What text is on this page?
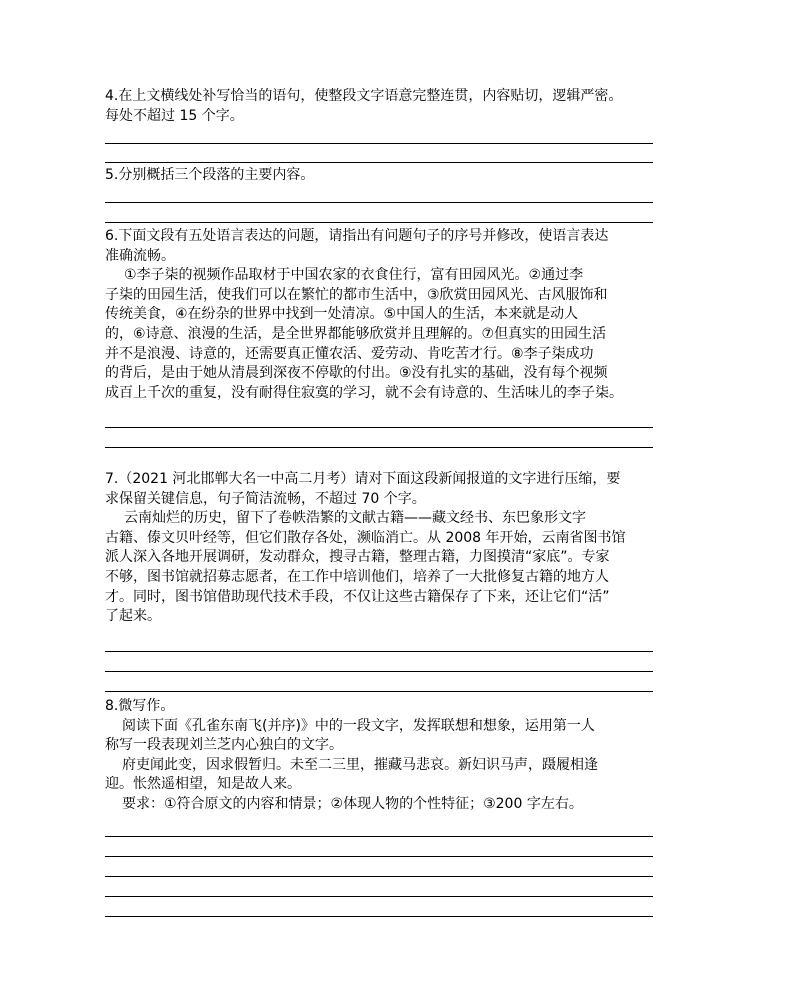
4.在上文横线处补写恰当的语句，使整段文字语意完整连贯，内容贴切，逻辑严密。

每处不超过 15 个字。

5.分别概括三个段落的主要内容。

6.下面文段有五处语言表达的问题，请指出有问题句子的序号并修改，使语言表达

准确流畅。

①李子柒的视频作品取材于中国农家的衣食住行，富有田园风光。②通过李

子柒的田园生活，使我们可以在繁忙的都市生活中，③欣赏田园风光、古风服饰和

传统美食，④在纷杂的世界中找到一处清凉。⑤中国人的生活，本来就是动人

的，⑥诗意、浪漫的生活，是全世界都能够欣赏并且理解的。⑦但真实的田园生活

并不是浪漫、诗意的，还需要真正懂农活、爱劳动、肯吃苦才行。⑧李子柒成功

的背后，是由于她从清晨到深夜不停歇的付出。⑨没有扎实的基础，没有每个视频

成百上千次的重复，没有耐得住寂寞的学习，就不会有诗意的、生活味儿的李子柒。

7.（2021 河北邯郸大名一中高二月考）请对下面这段新闻报道的文字进行压缩，要

求保留关键信息，句子简洁流畅，不超过 70 个字。

云南灿烂的历史，留下了卷帙浩繁的文献古籍——藏文经书、东巴象形文字

古籍、傣文贝叶经等，但它们散存各处，濒临消亡。从 2008 年开始，云南省图书馆

派人深入各地开展调研，发动群众，搜寻古籍，整理古籍，力图摸清“家底”。专家

不够，图书馆就招募志愿者，在工作中培训他们，培养了一大批修复古籍的地方人

才。同时，图书馆借助现代技术手段，不仅让这些古籍保存了下来，还让它们“活”

了起来。

8.微写作。

阅读下面《孔雀东南飞(并序)》中的一段文字，发挥联想和想象，运用第一人

称写一段表现刘兰芝内心独白的文字。

府吏闻此变，因求假暂归。未至二三里，摧藏马悲哀。新妇识马声，蹑履相逢

迎。怅然遥相望，知是故人来。

要求：①符合原文的内容和情景；②体现人物的个性特征；③200 字左右。
